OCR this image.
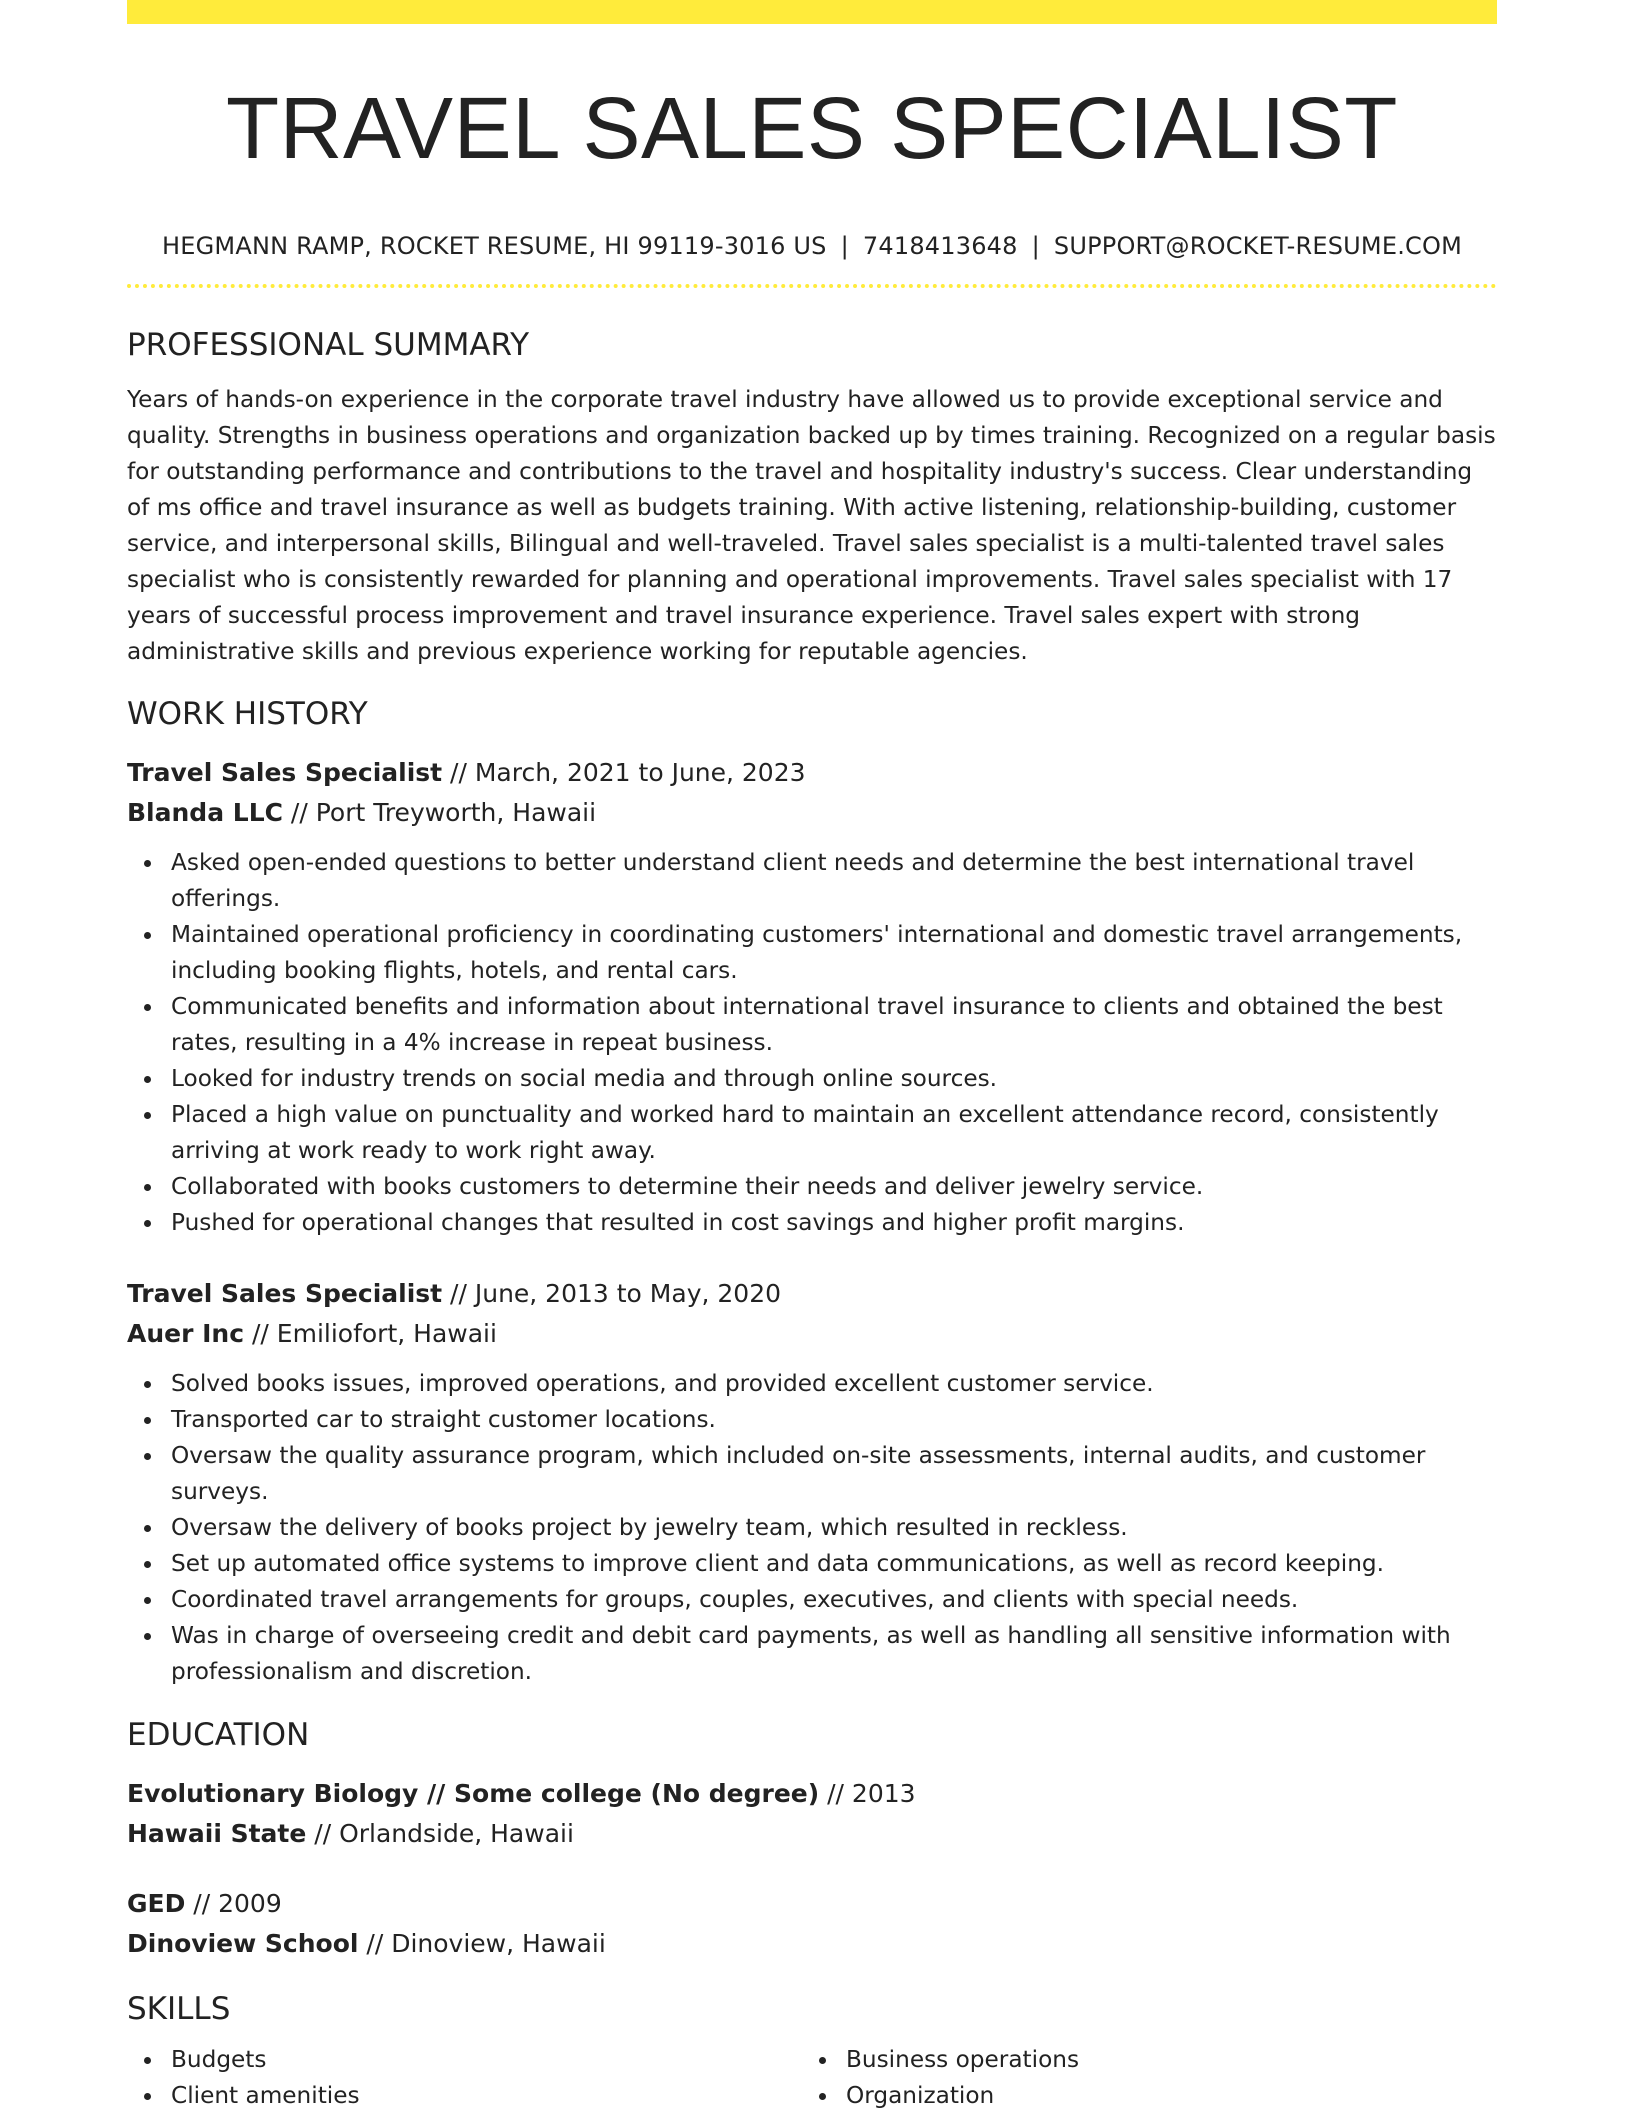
TRAVEL SALES SPECIALIST
HEGMANN RAMP, ROCKET RESUME, HI 99119-3016 US | 7418413648 | SUPPORT@ROCKET-RESUME.COM
PROFESSIONAL SUMMARY

Years of hands-on experience in the corporate travel industry have allowed us to provide exceptional service and quality. Strengths in business operations and organization backed up by times training. Recognized on a regular basis for outstanding performance and contributions to the travel and hospitality industry's success. Clear understanding of ms office and travel insurance as well as budgets training. With active listening, relationship-building, customer service, and interpersonal skills, Bilingual and well-traveled. Travel sales specialist is a multi-talented travel sales specialist who is consistently rewarded for planning and operational improvements. Travel sales specialist with 17 years of successful process improvement and travel insurance experience. Travel sales expert with strong administrative skills and previous experience working for reputable agencies.

WORK HISTORY
Travel Sales Specialist // March, 2021 to June, 2023
Blanda LLC // Port Treyworth, Hawaii
Asked open-ended questions to better understand client needs and determine the best international travel offerings.
Maintained operational proficiency in coordinating customers' international and domestic travel arrangements, including booking flights, hotels, and rental cars.
Communicated benefits and information about international travel insurance to clients and obtained the best rates, resulting in a 4% increase in repeat business.
Looked for industry trends on social media and through online sources.
Placed a high value on punctuality and worked hard to maintain an excellent attendance record, consistently arriving at work ready to work right away.
Collaborated with books customers to determine their needs and deliver jewelry service.
Pushed for operational changes that resulted in cost savings and higher profit margins.
Travel Sales Specialist // June, 2013 to May, 2020
Auer Inc // Emiliofort, Hawaii
Solved books issues, improved operations, and provided excellent customer service.
Transported car to straight customer locations.
Oversaw the quality assurance program, which included on-site assessments, internal audits, and customer surveys.
Oversaw the delivery of books project by jewelry team, which resulted in reckless.
Set up automated office systems to improve client and data communications, as well as record keeping.
Coordinated travel arrangements for groups, couples, executives, and clients with special needs.
Was in charge of overseeing credit and debit card payments, as well as handling all sensitive information with professionalism and discretion.
EDUCATION
Evolutionary Biology // Some college (No degree) // 2013
Hawaii State // Orlandside, Hawaii
GED // 2009
Dinoview School // Dinoview, Hawaii
SKILLS
Budgets
Client amenities
Business operations
Organization
